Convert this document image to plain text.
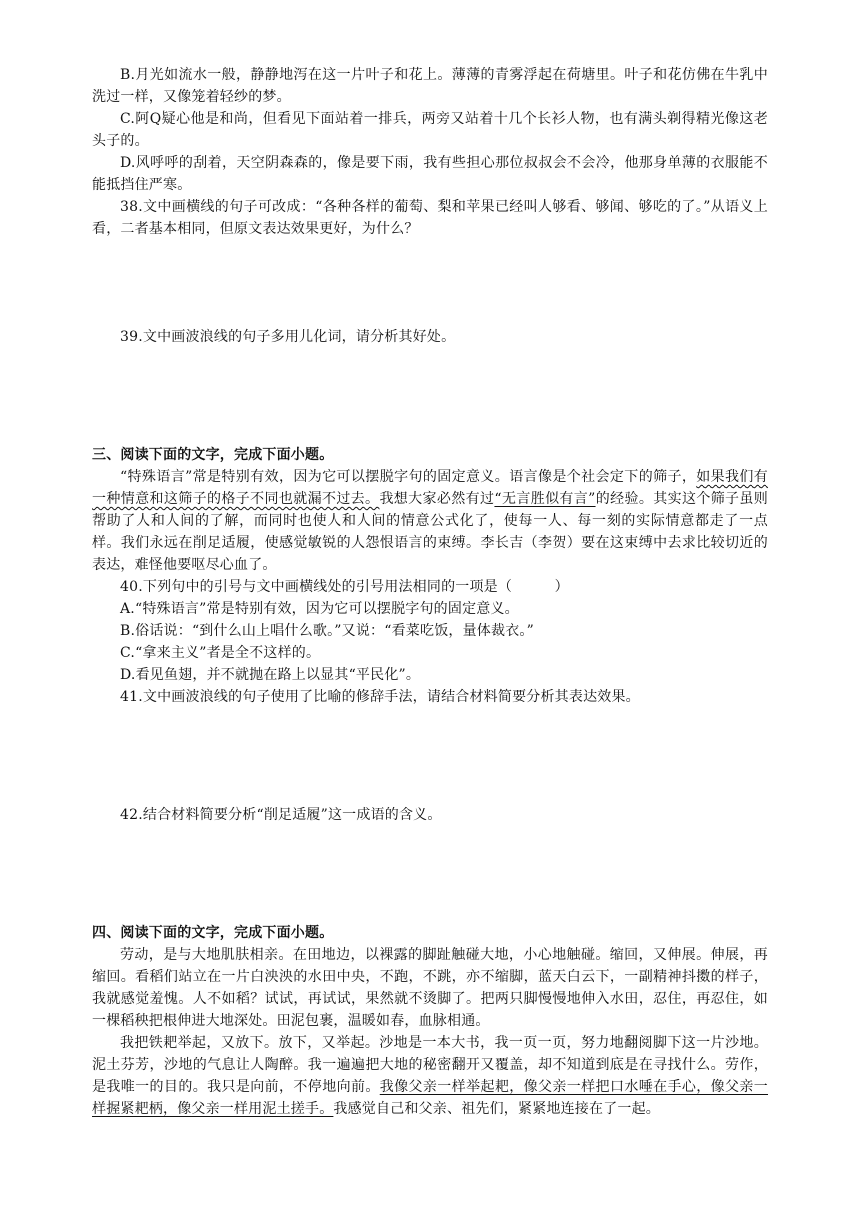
B.月光如流水一般，静静地泻在这一片叶子和花上。薄薄的青雾浮起在荷塘里。叶子和花仿佛在牛乳中洗过一样，又像笼着轻纱的梦。

C.阿Q疑心他是和尚，但看见下面站着一排兵，两旁又站着十几个长衫人物，也有满头剃得精光像这老头子的。

D.风呼呼的刮着，天空阴森森的，像是要下雨，我有些担心那位叔叔会不会冷，他那身单薄的衣服能不能抵挡住严寒。

38.文中画横线的句子可改成：“各种各样的葡萄、梨和苹果已经叫人够看、够闻、够吃的了。”从语义上看，二者基本相同，但原文表达效果更好，为什么？

39.文中画波浪线的句子多用儿化词，请分析其好处。

三、阅读下面的文字，完成下面小题。

“特殊语言”常是特别有效，因为它可以摆脱字句的固定意义。语言像是个社会定下的筛子，如果我们有一种情意和这筛子的格子不同也就漏不过去。我想大家必然有过“无言胜似有言”的经验。其实这个筛子虽则帮助了人和人间的了解，而同时也使人和人间的情意公式化了，使每一人、每一刻的实际情意都走了一点样。我们永远在削足适履，使感觉敏锐的人怨恨语言的束缚。李长吉（李贺）要在这束缚中去求比较切近的表达，难怪他要呕尽心血了。

40.下列句中的引号与文中画横线处的引号用法相同的一项是（　　　）

A.“特殊语言”常是特别有效，因为它可以摆脱字句的固定意义。

B.俗话说：“到什么山上唱什么歌。”又说：“看菜吃饭，量体裁衣。”

C.“拿来主义”者是全不这样的。

D.看见鱼翅，并不就抛在路上以显其“平民化”。

41.文中画波浪线的句子使用了比喻的修辞手法，请结合材料简要分析其表达效果。

42.结合材料简要分析“削足适履”这一成语的含义。

四、阅读下面的文字，完成下面小题。

劳动，是与大地肌肤相亲。在田地边，以裸露的脚趾触碰大地，小心地触碰。缩回，又伸展。伸展，再缩回。看稻们站立在一片白泱泱的水田中央，不跑，不跳，亦不缩脚，蓝天白云下，一副精神抖擞的样子，我就感觉羞愧。人不如稻？试试，再试试，果然就不烫脚了。把两只脚慢慢地伸入水田，忍住，再忍住，如一棵稻秧把根伸进大地深处。田泥包裹，温暖如春，血脉相通。

我把铁耙举起，又放下。放下，又举起。沙地是一本大书，我一页一页，努力地翻阅脚下这一片沙地。泥土芬芳，沙地的气息让人陶醉。我一遍遍把大地的秘密翻开又覆盖，却不知道到底是在寻找什么。劳作，是我唯一的目的。我只是向前，不停地向前。我像父亲一样举起耙，像父亲一样把口水唾在手心，像父亲一样握紧耙柄，像父亲一样用泥土搓手。我感觉自己和父亲、祖先们，紧紧地连接在了一起。
